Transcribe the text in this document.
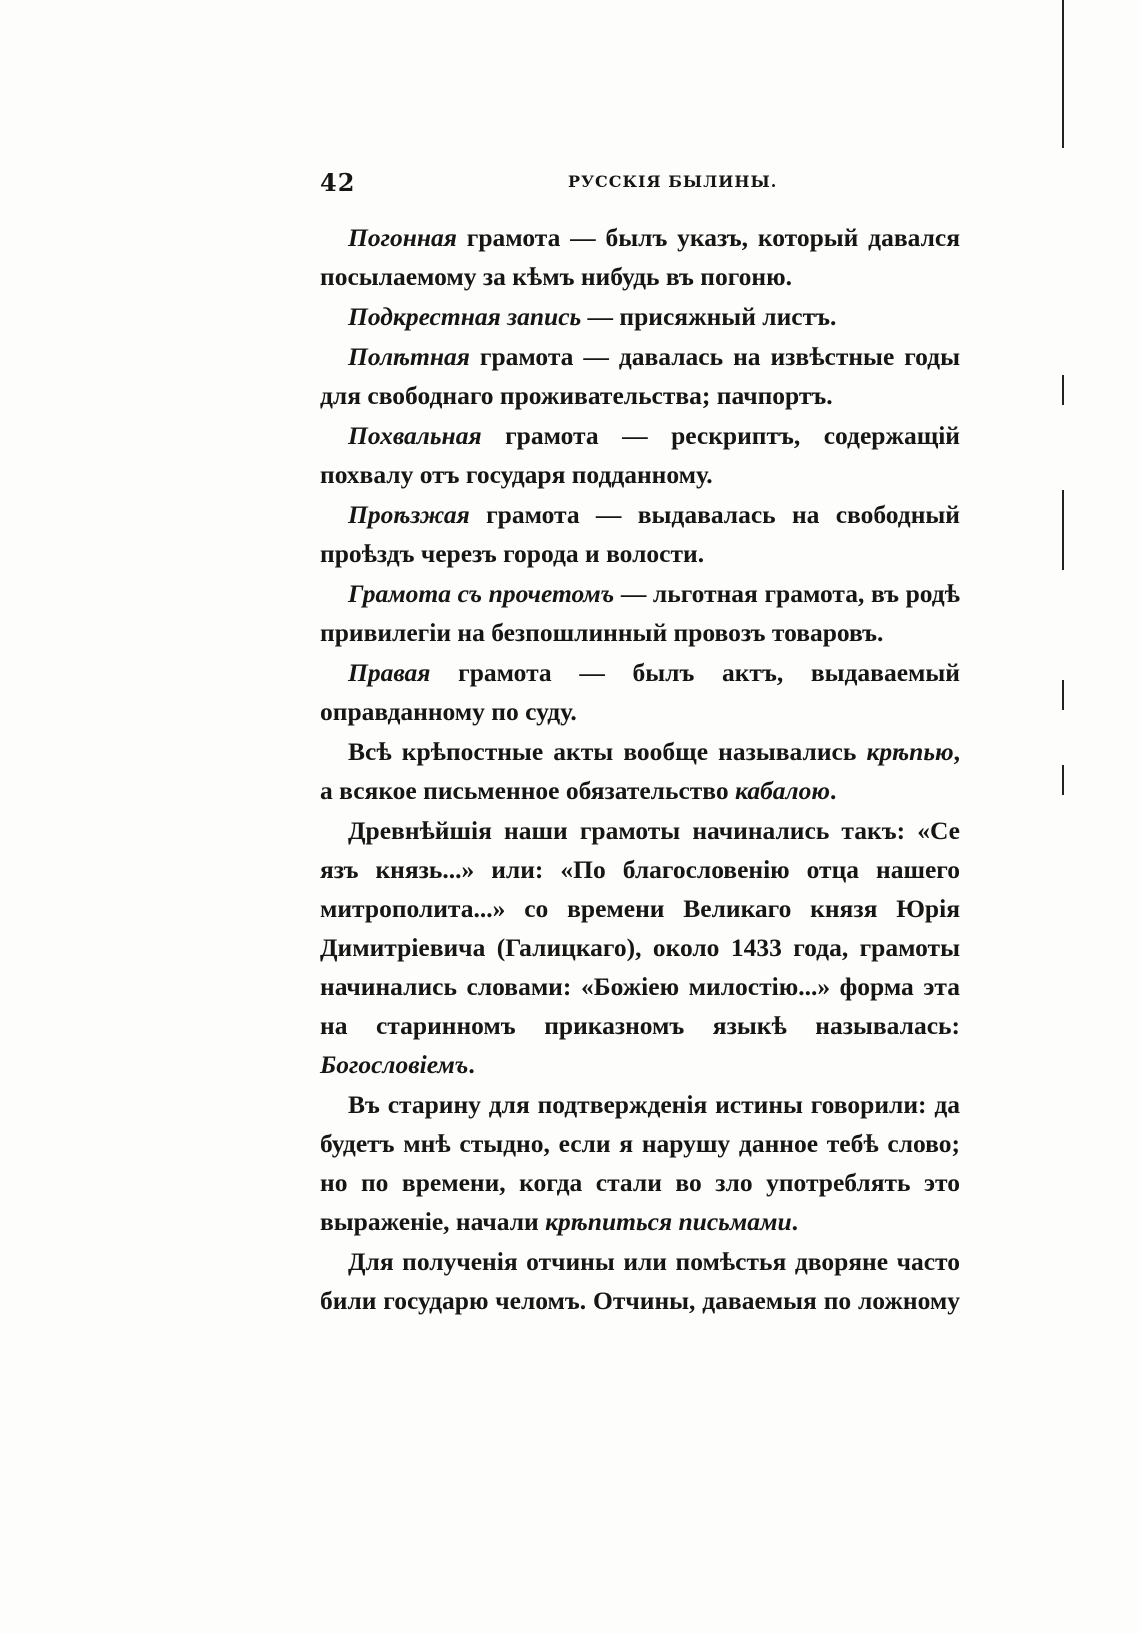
42	РУССКІЯ БЫЛИНЫ.

Погонная грамота — былъ указъ, который давался посылаемому за кѣмъ нибудь въ погоню.

Подкрестная запись — присяжный листъ.

Полѣтная грамота — давалась на извѣстные годы для свободнаго проживательства; пачпортъ.

Похвальная грамота — рескриптъ, содержащій похвалу отъ государя подданному.

Проѣзжая грамота — выдавалась на свободный проѣздъ черезъ города и волости.

Грамота съ прочетомъ — льготная грамота, въ родѣ привилегіи на безпошлинный провозъ товаровъ.

Правая грамота — былъ актъ, выдаваемый оправданному по суду.

Всѣ крѣпостные акты вообще назывались крѣпью, а всякое письменное обязательство кабалою.

Древнѣйшія наши грамоты начинались такъ: «Се язъ князь...» или: «По благословенію отца нашего митрополита...» со времени Великаго князя Юрія Димитріевича (Галицкаго), около 1433 года, грамоты начинались словами: «Божіею милостію...» форма эта на старинномъ приказномъ языкѣ называлась: Богословіемъ.

Въ старину для подтвержденія истины говорили: да будетъ мнѣ стыдно, если я нарушу данное тебѣ слово; но по времени, когда стали во зло употреблять это выраженіе, начали крѣпиться письмами.

Для полученія отчины или помѣстья дворяне часто били государю челомъ. Отчины, даваемыя по ложному
